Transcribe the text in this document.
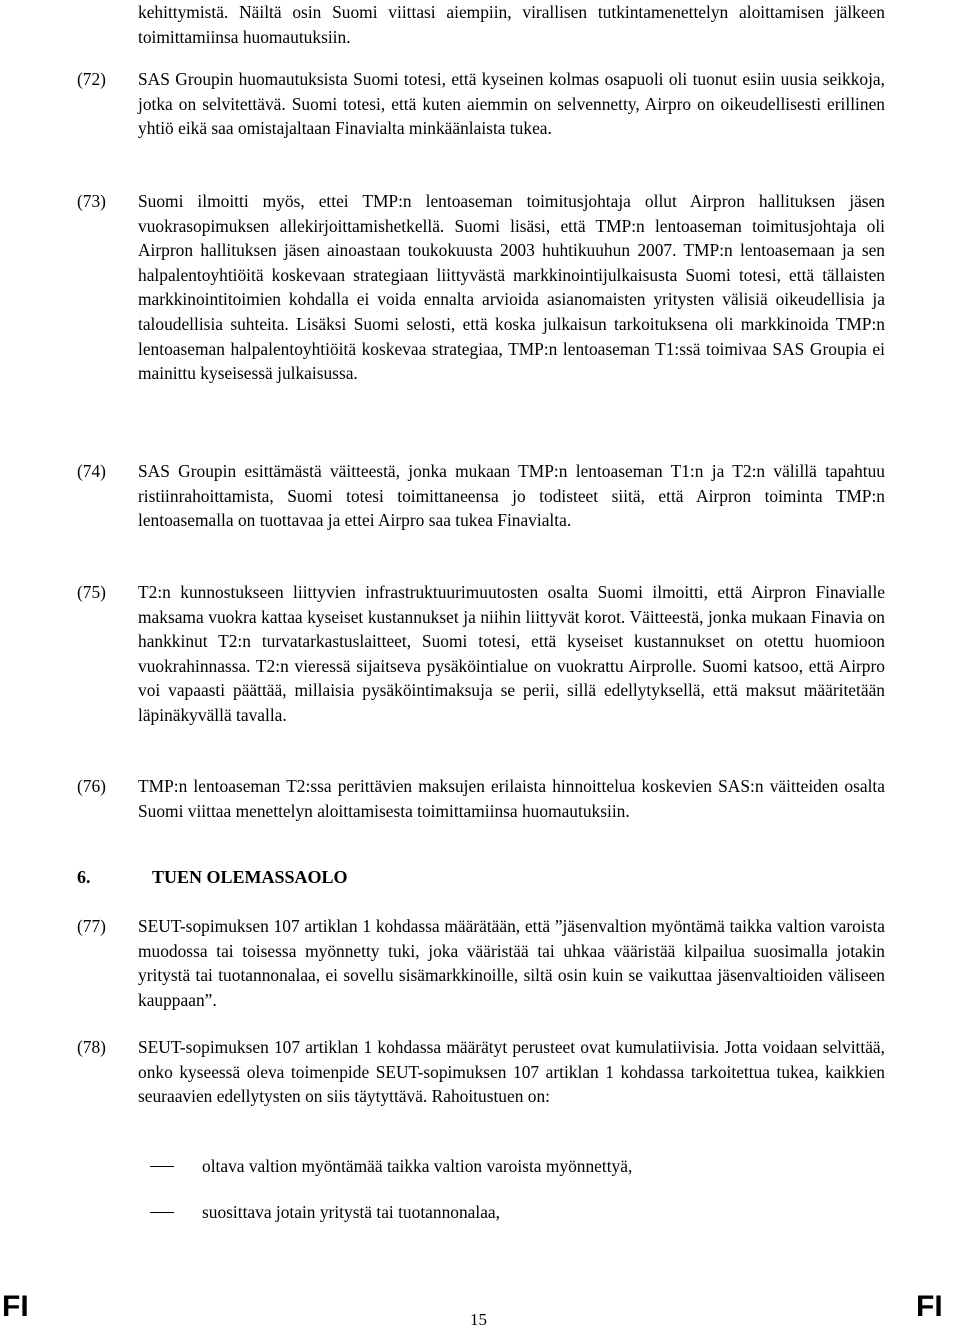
kehittymistä. Näiltä osin Suomi viittasi aiempiin, virallisen tutkintamenettelyn aloittamisen jälkeen toimittamiinsa huomautuksiin.
(72)	SAS Groupin huomautuksista Suomi totesi, että kyseinen kolmas osapuoli oli tuonut esiin uusia seikkoja, jotka on selvitettävä. Suomi totesi, että kuten aiemmin on selvennetty, Airpro on oikeudellisesti erillinen yhtiö eikä saa omistajaltaan Finavialta minkäänlaista tukea.
(73)	Suomi ilmoitti myös, ettei TMP:n lentoaseman toimitusjohtaja ollut Airpron hallituksen jäsen vuokrasopimuksen allekirjoittamishetkellä. Suomi lisäsi, että TMP:n lentoaseman toimitusjohtaja oli Airpron hallituksen jäsen ainoastaan toukokuusta 2003 huhtikuuhun 2007. TMP:n lentoasemaan ja sen halpalentoyhtiöitä koskevaan strategiaan liittyvästä markkinointijulkaisusta Suomi totesi, että tällaisten markkinointitoimien kohdalla ei voida ennalta arvioida asianomaisten yritysten välisiä oikeudellisia ja taloudellisia suhteita. Lisäksi Suomi selosti, että koska julkaisun tarkoituksena oli markkinoida TMP:n lentoaseman halpalentoyhtiöitä koskevaa strategiaa, TMP:n lentoaseman T1:ssä toimivaa SAS Groupia ei mainittu kyseisessä julkaisussa.
(74)	SAS Groupin esittämästä väitteestä, jonka mukaan TMP:n lentoaseman T1:n ja T2:n välillä tapahtuu ristiinrahoittamista, Suomi totesi toimittaneensa jo todisteet siitä, että Airpron toiminta TMP:n lentoasemalla on tuottavaa ja ettei Airpro saa tukea Finavialta.
(75)	T2:n kunnostukseen liittyvien infrastruktuurimuutosten osalta Suomi ilmoitti, että Airpron Finavialle maksama vuokra kattaa kyseiset kustannukset ja niihin liittyvät korot. Väitteestä, jonka mukaan Finavia on hankkinut T2:n turvatarkastuslaitteet, Suomi totesi, että kyseiset kustannukset on otettu huomioon vuokrahinnassa. T2:n vieressä sijaitseva pysäköintialue on vuokrattu Airprolle. Suomi katsoo, että Airpro voi vapaasti päättää, millaisia pysäköintimaksuja se perii, sillä edellytyksellä, että maksut määritetään läpinäkyvällä tavalla.
(76)	TMP:n lentoaseman T2:ssa perittävien maksujen erilaista hinnoittelua koskevien SAS:n väitteiden osalta Suomi viittaa menettelyn aloittamisesta toimittamiinsa huomautuksiin.
6.	TUEN OLEMASSAOLO
(77)	SEUT-sopimuksen 107 artiklan 1 kohdassa määrätään, että ”jäsenvaltion myöntämä taikka valtion varoista muodossa tai toisessa myönnetty tuki, joka vääristää tai uhkaa vääristää kilpailua suosimalla jotakin yritystä tai tuotannonalaa, ei sovellu sisämarkkinoille, siltä osin kuin se vaikuttaa jäsenvaltioiden väliseen kauppaan”.
(78)	SEUT-sopimuksen 107 artiklan 1 kohdassa määrätyt perusteet ovat kumulatiivisia. Jotta voidaan selvittää, onko kyseessä oleva toimenpide SEUT-sopimuksen 107 artiklan 1 kohdassa tarkoitettua tukea, kaikkien seuraavien edellytysten on siis täytyttävä. Rahoitustuen on:
oltava valtion myöntämää taikka valtion varoista myönnettyä,
suosittava jotain yritystä tai tuotannonalaa,
FI	15	FI
